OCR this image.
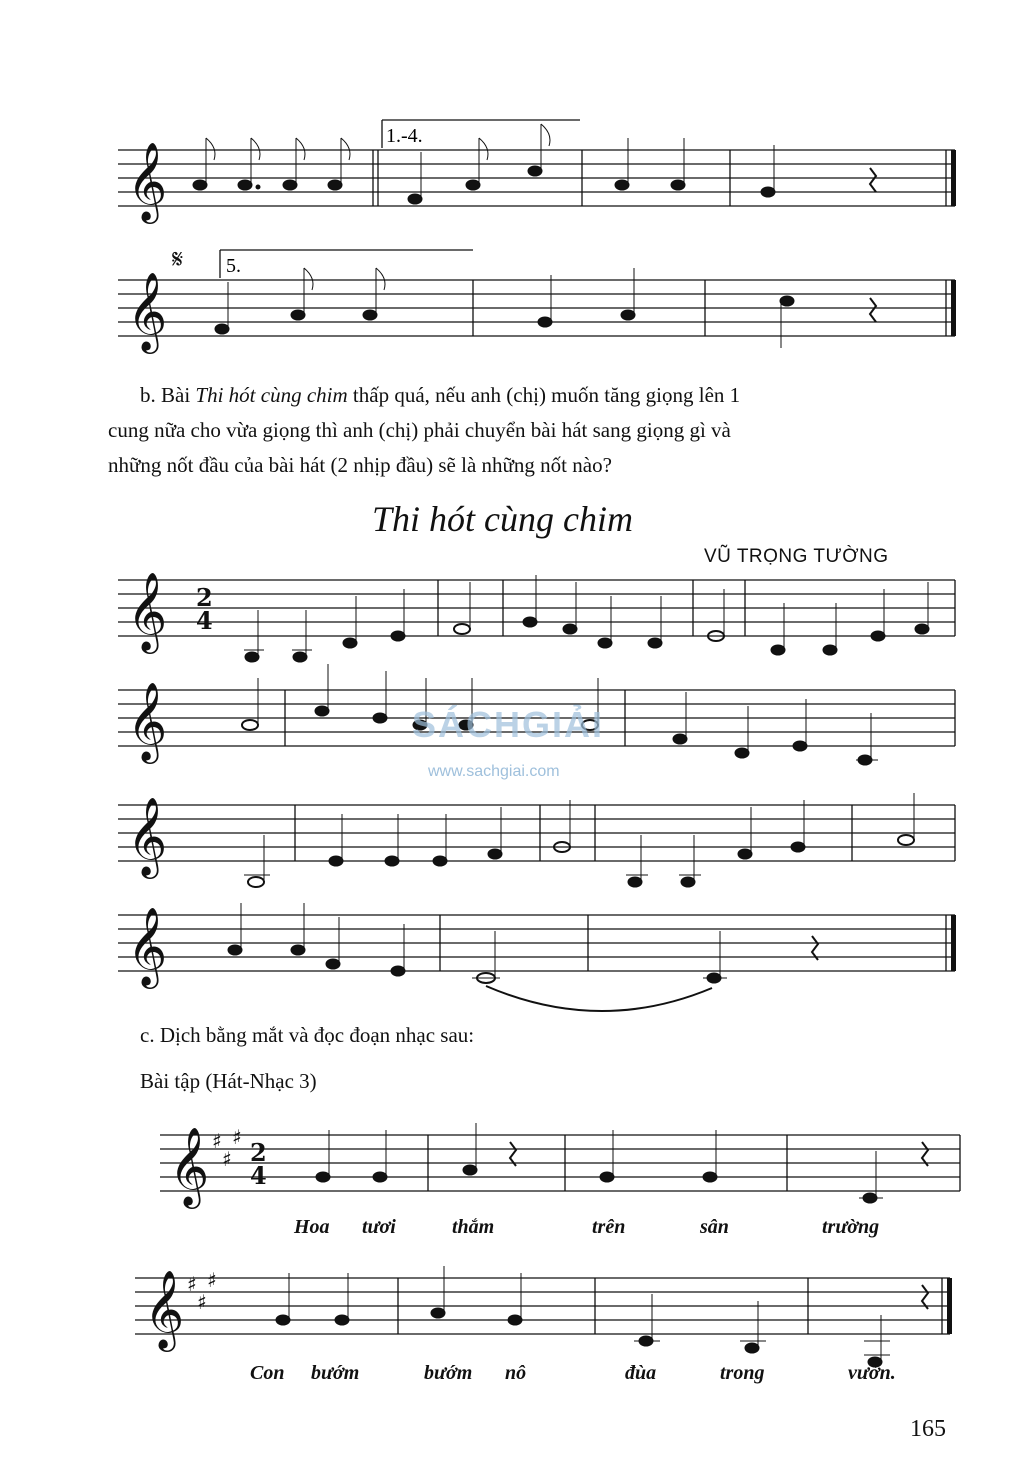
1.-4.
𝄞
𝄋 5.
𝄞
b. Bài Thi hót cùng chim thấp quá, nếu anh (chị) muốn tăng giọng lên 1
cung nữa cho vừa giọng thì anh (chị) phải chuyển bài hát sang giọng gì và
những nốt đầu của bài hát (2 nhịp đầu) sẽ là những nốt nào?
Thi hót cùng chim
VŨ TRỌNG TƯỜNG
𝄞 2
4
𝄞	SÁCHGIẢI
www.sachgiai.com
𝄞
𝄞
c. Dịch bằng mắt và đọc đoạn nhạc sau:
Bài tập (Hát-Nhạc 3)
𝄞 ♯
♯
♯
2
4
Hoa tươi	thắm	trên	sân	trường
𝄞 ♯
♯
♯
Con bướm	bướm nô	đùa	trong	vườn.
165
